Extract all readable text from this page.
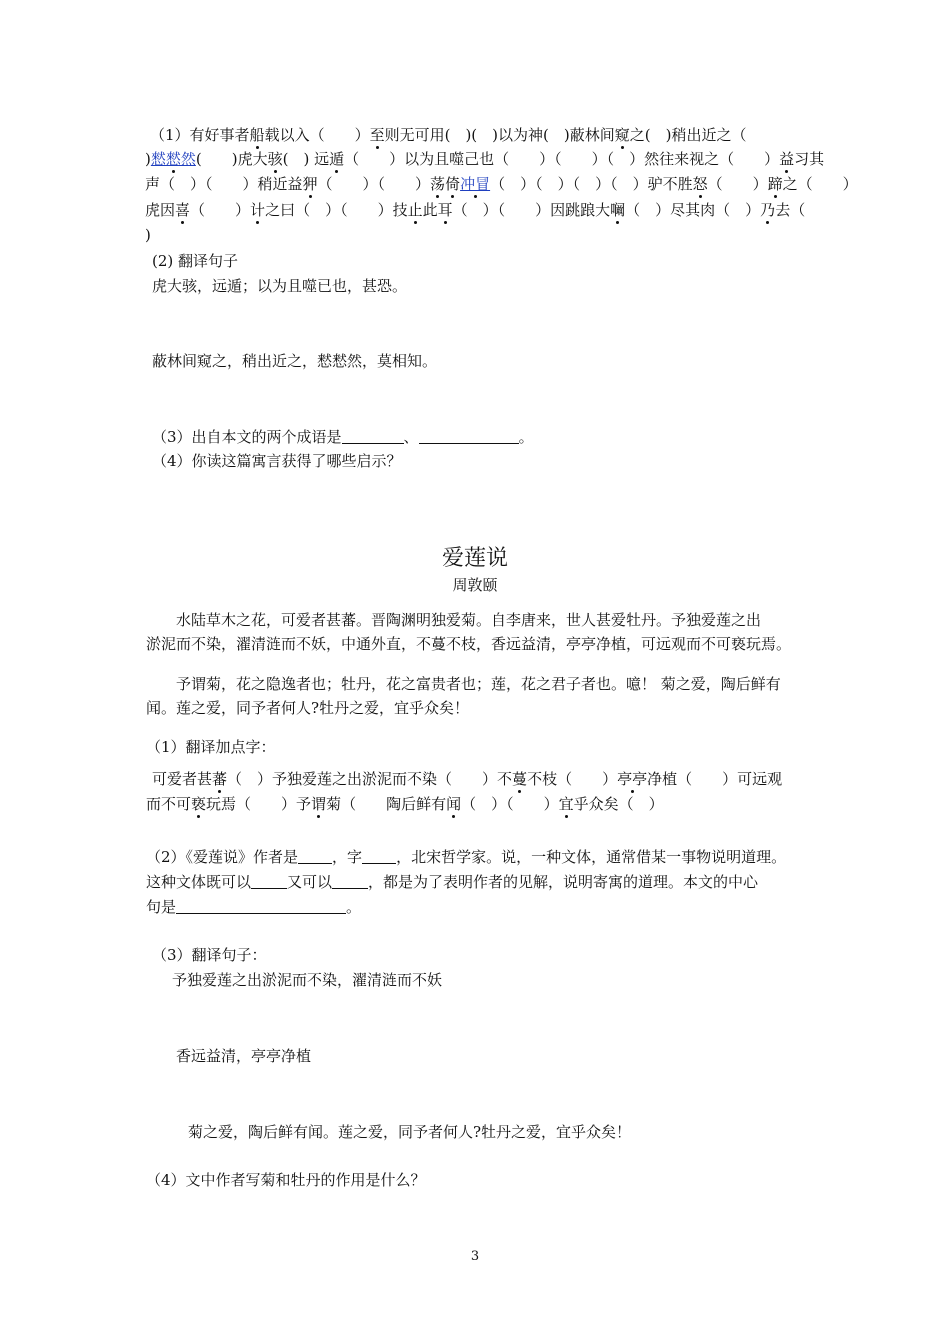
（1）有好事者船载以入（　　）至则无可用(　)(　)以为神(　)蔽林间窥之(　)稍出近之（
)憖憖然(　　)虎大骇(　) 远遁（　　）以为且噬己也（　　）（　　）（　）然往来视之（　　）益习其
声（　）（　　）稍近益狎（　　）（　　）荡倚冲冒（　）（　）（　）（　）驴不胜怒（　　）蹄之（　　）
虎因喜（　　）计之曰（　）（　　）技止此耳（　）（　　）因跳踉大㘎（　）尽其肉（　）乃去（
)
(2) 翻译句子
虎大骇，远遁；以为且噬已也，甚恐。
蔽林间窥之，稍出近之，慭慭然，莫相知。
（3）出自本文的两个成语是	、	。
（4）你读这篇寓言获得了哪些启示？
爱莲说
周敦颐
水陆草木之花，可爱者甚蕃。晋陶渊明独爱菊。自李唐来，世人甚爱牡丹。予独爱莲之出
淤泥而不染，濯清涟而不妖，中通外直，不蔓不枝，香远益清，亭亭净植，可远观而不可亵玩焉。
予谓菊，花之隐逸者也；牡丹，花之富贵者也；莲，花之君子者也。噫！ 菊之爱，陶后鲜有
闻。莲之爱，同予者何人?牡丹之爱，宜乎众矣！
（1）翻译加点字：
可爱者甚蕃（　）予独爱莲之出淤泥而不染（　　）不蔓不枝（　　）亭亭净植（　　）可远观
而不可亵玩焉（　　）予谓菊（　　陶后鲜有闻（　）（　　）宜乎众矣（　）
（2）《爱莲说》作者是 ，字 ，北宋哲学家。说，一种文体，通常借某一事物说明道理。
这种文体既可以 又可以 ，都是为了表明作者的见解，说明寄寓的道理。本文的中心
句是	。
（3）翻译句子：
予独爱莲之出淤泥而不染，濯清涟而不妖
香远益清，亭亭净植
菊之爱，陶后鲜有闻。莲之爱，同予者何人?牡丹之爱，宜乎众矣！
（4）文中作者写菊和牡丹的作用是什么？
3
